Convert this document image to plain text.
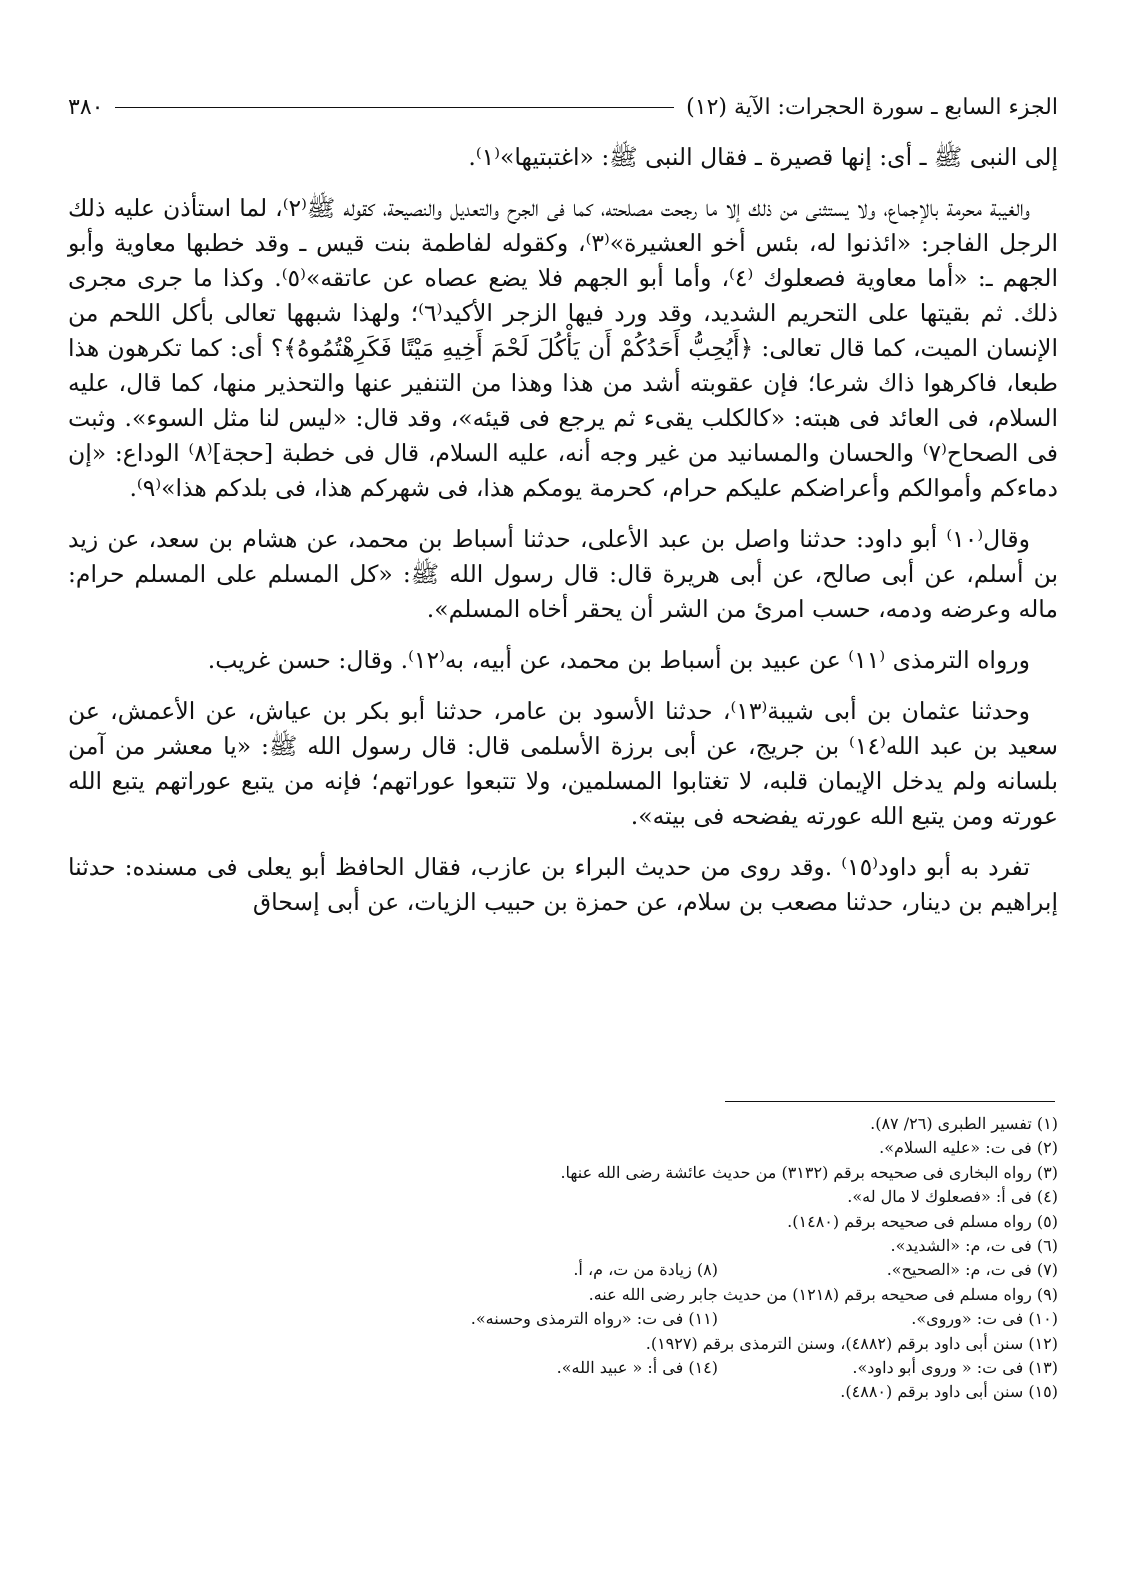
الجزء السابع ـ سورة الحجرات: الآية (١٢)
٣٨٠

إلى النبى ﷺ ـ أى: إنها قصيرة ـ فقال النبى ﷺ: «اغتبتيها»⁽١⁾.

والغيبة محرمة بالإجماع، ولا يستثنى من ذلك إلا ما رجحت مصلحته، كما فى الجرح والتعديل والنصيحة، كقوله ﷺ⁽٢⁾، لما استأذن عليه ذلك الرجل الفاجر: «ائذنوا له، بئس أخو العشيرة»⁽٣⁾، وكقوله لفاطمة بنت قيس ـ وقد خطبها معاوية وأبو الجهم ـ: «أما معاوية فصعلوك ⁽٤⁾، وأما أبو الجهم فلا يضع عصاه عن عاتقه»⁽٥⁾. وكذا ما جرى مجرى ذلك. ثم بقيتها على التحريم الشديد، وقد ورد فيها الزجر الأكيد⁽٦⁾؛ ولهذا شبهها تعالى بأكل اللحم من الإنسان الميت، كما قال تعالى: ﴿أَيُحِبُّ أَحَدُكُمْ أَن يَأْكُلَ لَحْمَ أَخِيهِ مَيْتًا فَكَرِهْتُمُوهُ﴾؟ أى: كما تكرهون هذا طبعا، فاكرهوا ذاك شرعا؛ فإن عقوبته أشد من هذا وهذا من التنفير عنها والتحذير منها، كما قال، عليه السلام، فى العائد فى هبته: «كالكلب يقىء ثم يرجع فى قيئه»، وقد قال: «ليس لنا مثل السوء». وثبت فى الصحاح⁽٧⁾ والحسان والمسانيد من غير وجه أنه، عليه السلام، قال فى خطبة [حجة]⁽٨⁾ الوداع: «إن دماءكم وأموالكم وأعراضكم عليكم حرام، كحرمة يومكم هذا، فى شهركم هذا، فى بلدكم هذا»⁽٩⁾.

وقال⁽١٠⁾ أبو داود: حدثنا واصل بن عبد الأعلى، حدثنا أسباط بن محمد، عن هشام بن سعد، عن زيد بن أسلم، عن أبى صالح، عن أبى هريرة قال: قال رسول الله ﷺ: «كل المسلم على المسلم حرام: ماله وعرضه ودمه، حسب امرئ من الشر أن يحقر أخاه المسلم».

ورواه الترمذى ⁽١١⁾ عن عبيد بن أسباط بن محمد، عن أبيه، به⁽١٢⁾. وقال: حسن غريب.

وحدثنا عثمان بن أبى شيبة⁽١٣⁾، حدثنا الأسود بن عامر، حدثنا أبو بكر بن عياش، عن الأعمش، عن سعيد بن عبد الله⁽١٤⁾ بن جريج، عن أبى برزة الأسلمى قال: قال رسول الله ﷺ: «يا معشر من آمن بلسانه ولم يدخل الإيمان قلبه، لا تغتابوا المسلمين، ولا تتبعوا عوراتهم؛ فإنه من يتبع عوراتهم يتبع الله عورته ومن يتبع الله عورته يفضحه فى بيته».

تفرد به أبو داود⁽١٥⁾ .وقد روى من حديث البراء بن عازب، فقال الحافظ أبو يعلى فى مسنده: حدثنا إبراهيم بن دينار، حدثنا مصعب بن سلام، عن حمزة بن حبيب الزيات، عن أبى إسحاق

(١) تفسير الطبرى (٢٦/ ٨٧).
(٢) فى ت: «عليه السلام».
(٣) رواه البخارى فى صحيحه برقم (٣١٣٢) من حديث عائشة رضى الله عنها.
(٤) فى أ: «فصعلوك لا مال له».
(٥) رواه مسلم فى صحيحه برقم (١٤٨٠).
(٦) فى ت، م: «الشديد».
(٧) فى ت، م: «الصحيح».
(٨) زيادة من ت، م، أ.
(٩) رواه مسلم فى صحيحه برقم (١٢١٨) من حديث جابر رضى الله عنه.
(١٠) فى ت: «وروى».
(١١) فى ت: «رواه الترمذى وحسنه».
(١٢) سنن أبى داود برقم (٤٨٨٢)، وسنن الترمذى برقم (١٩٢٧).
(١٣) فى ت: « وروى أبو داود».
(١٤) فى أ: « عبيد الله».
(١٥) سنن أبى داود برقم (٤٨٨٠).
